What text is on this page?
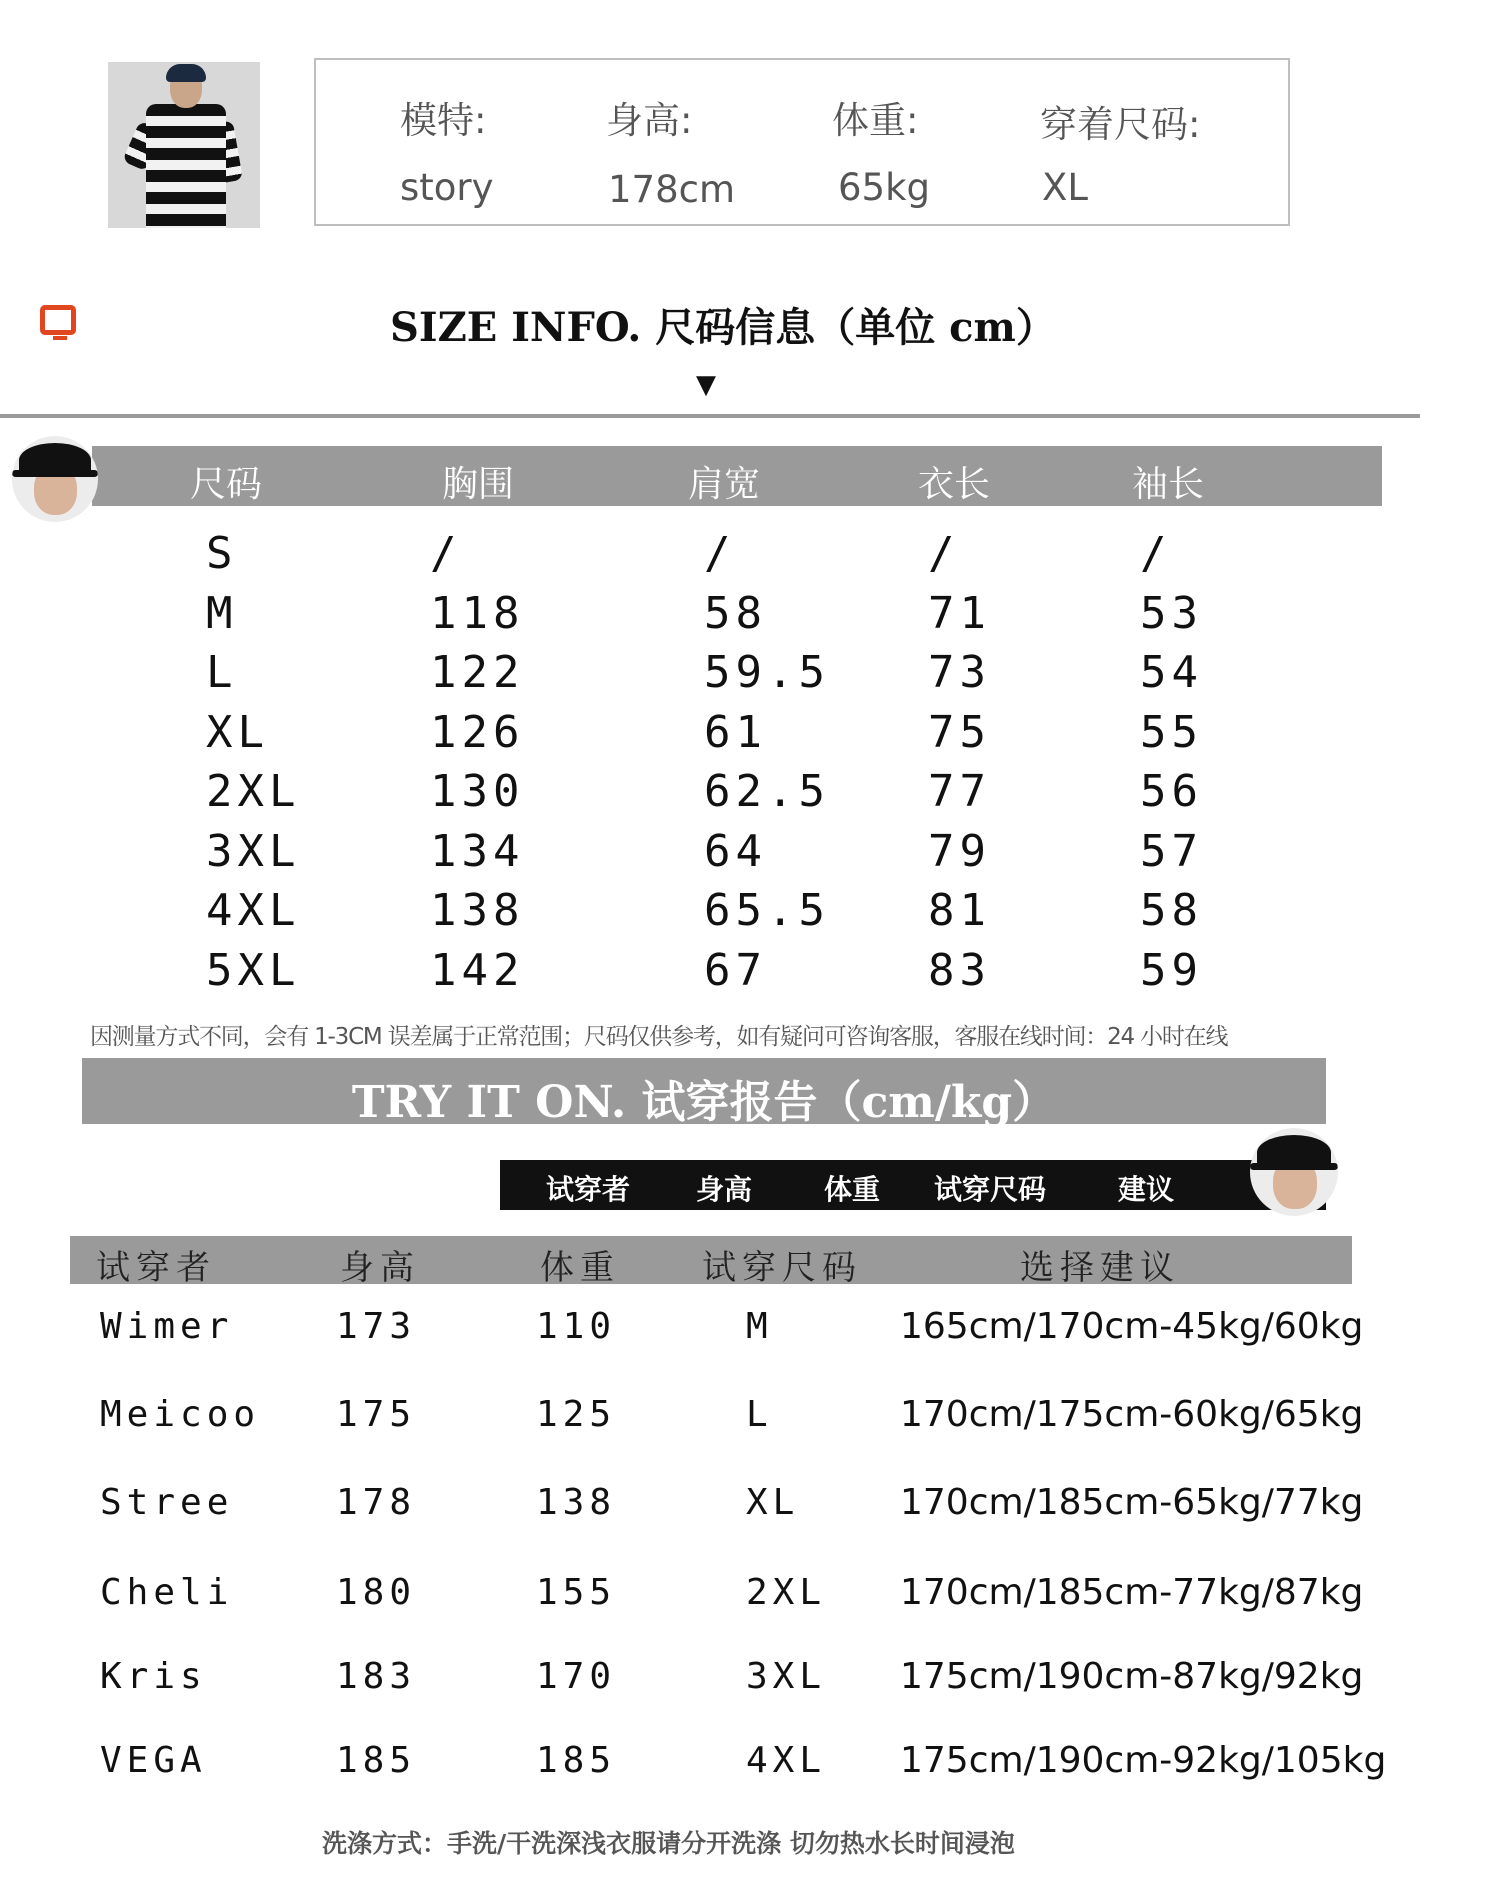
模特:	身高:	体重:	穿着尺码:
story	178cm	65kg	XL
SIZE INFO. 尺码信息（单位 cm）
▼
尺码	胸围	肩宽	衣长	袖长
S	/	/	/	/
M	118	58	71	53
L	122	59.5 73	54
XL	126	61	75	55
2XL	130	62.5 77	56
3XL	134	64	79	57
4XL	138	65.5 81	58
5XL	142	67	83	59
因测量方式不同，会有 1-3CM 误差属于正常范围；尺码仅供参考，如有疑问可咨询客服，客服在线时间：24 小时在线
TRY IT ON. 试穿报告（cm/kg）
试穿者 身高	体重 试穿尺码	建议
试穿者	身高	体重 试穿尺码	选择建议
Wimer	173	110	M	165cm/170cm-45kg/60kg
Meicoo 175	125	L	170cm/175cm-60kg/65kg
Stree	178	138	XL	170cm/185cm-65kg/77kg
Cheli	180	155	2XL 170cm/185cm-77kg/87kg
Kris	183	170	3XL 175cm/190cm-87kg/92kg
VEGA	185	185	4XL 175cm/190cm-92kg/105kg
洗涤方式：手洗/干洗深浅衣服请分开洗涤 切勿热水长时间浸泡
